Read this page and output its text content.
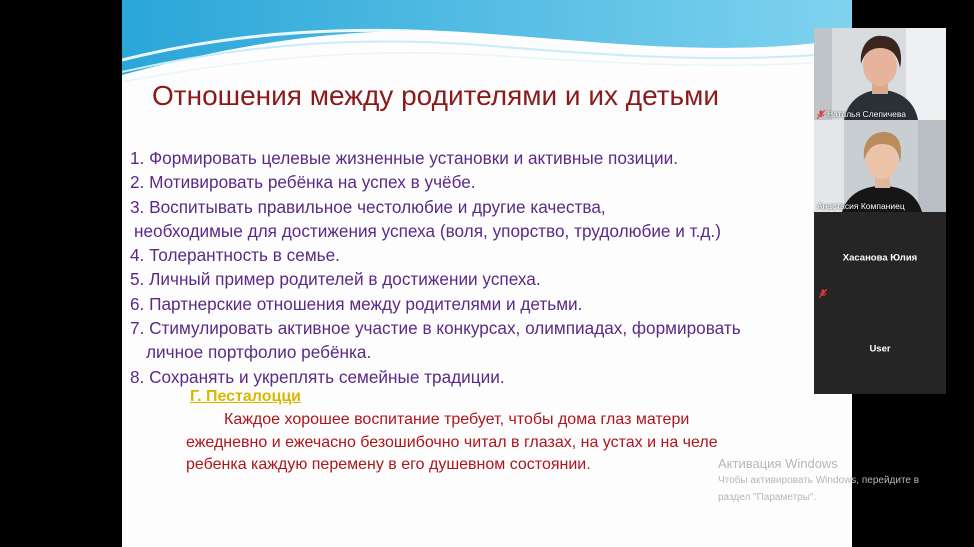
Отношения между родителями и их детьми
1. Формировать целевые жизненные установки и активные позиции.
2. Мотивировать ребёнка на успех в учёбе.
3. Воспитывать правильное честолюбие и другие качества,
необходимые для достижения успеха (воля, упорство, трудолюбие и т.д.)
4. Толерантность в семье.
5. Личный пример родителей в достижении успеха.
6. Партнерские отношения между родителями и детьми.
7. Стимулировать активное участие в конкурсах, олимпиадах, формировать
личное портфолио ребёнка.
8. Сохранять и укреплять семейные традиции.
Г. Песталоцци
Каждое хорошее воспитание требует, чтобы дома глаз матери
ежедневно и ежечасно безошибочно читал в глазах, на устах и на челе
ребенка каждую перемену в его душевном состоянии.	Активация Windows
Чтобы активировать Windows, перейдите в
раздел "Параметры".
Наталья Слепичева
Анастасия Компаниец
Хасанова Юлия
User
